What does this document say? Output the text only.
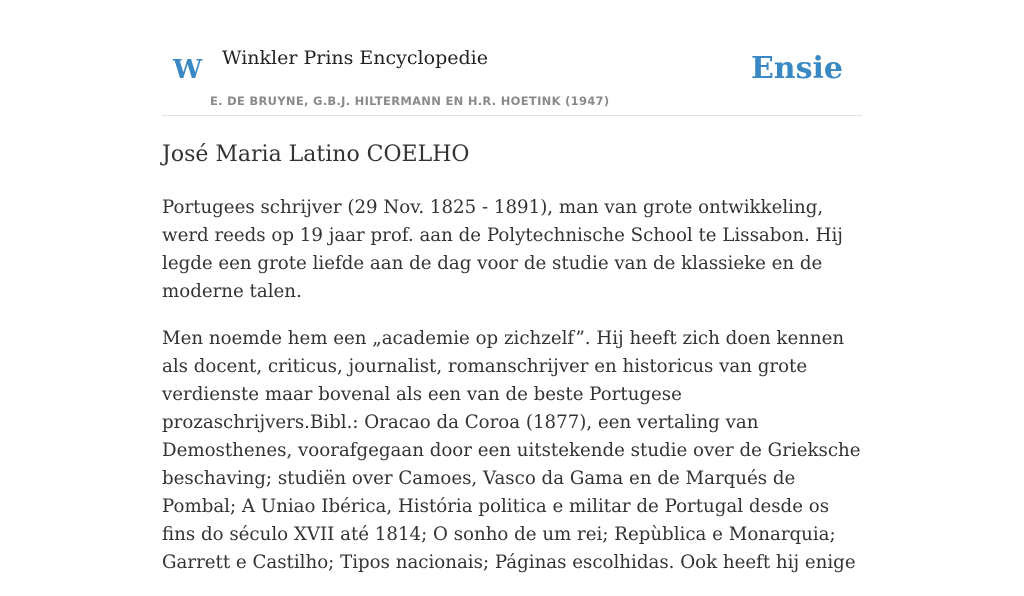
W Winkler Prins Encyclopedie
E. DE BRUYNE, G.B.J. HILTERMANN EN H.R. HOETINK (1947)
Ensie
José Maria Latino COELHO

Portugees schrijver (29 Nov. 1825 - 1891), man van grote ontwikkeling, werd reeds op 19 jaar prof. aan de Polytechnische School te Lissabon. Hij legde een grote liefde aan de dag voor de studie van de klassieke en de moderne talen.

Men noemde hem een „academie op zichzelf”. Hij heeft zich doen kennen als docent, criticus, journalist, romanschrijver en historicus van grote verdienste maar bovenal als een van de beste Portugese prozaschrijvers.Bibl.: Oracao da Coroa (1877), een vertaling van Demosthenes, voorafgegaan door een uitstekende studie over de Grieksche beschaving; studiën over Camoes, Vasco da Gama en de Marqués de Pombal; A Uniao Ibérica, História politica e militar de Portugal desde os fins do século XVII até 1814; O sonho de um rei; Repùblica e Monarquia; Garrett e Castilho; Tipos nacionais; Páginas escolhidas. Ook heeft hij enige
